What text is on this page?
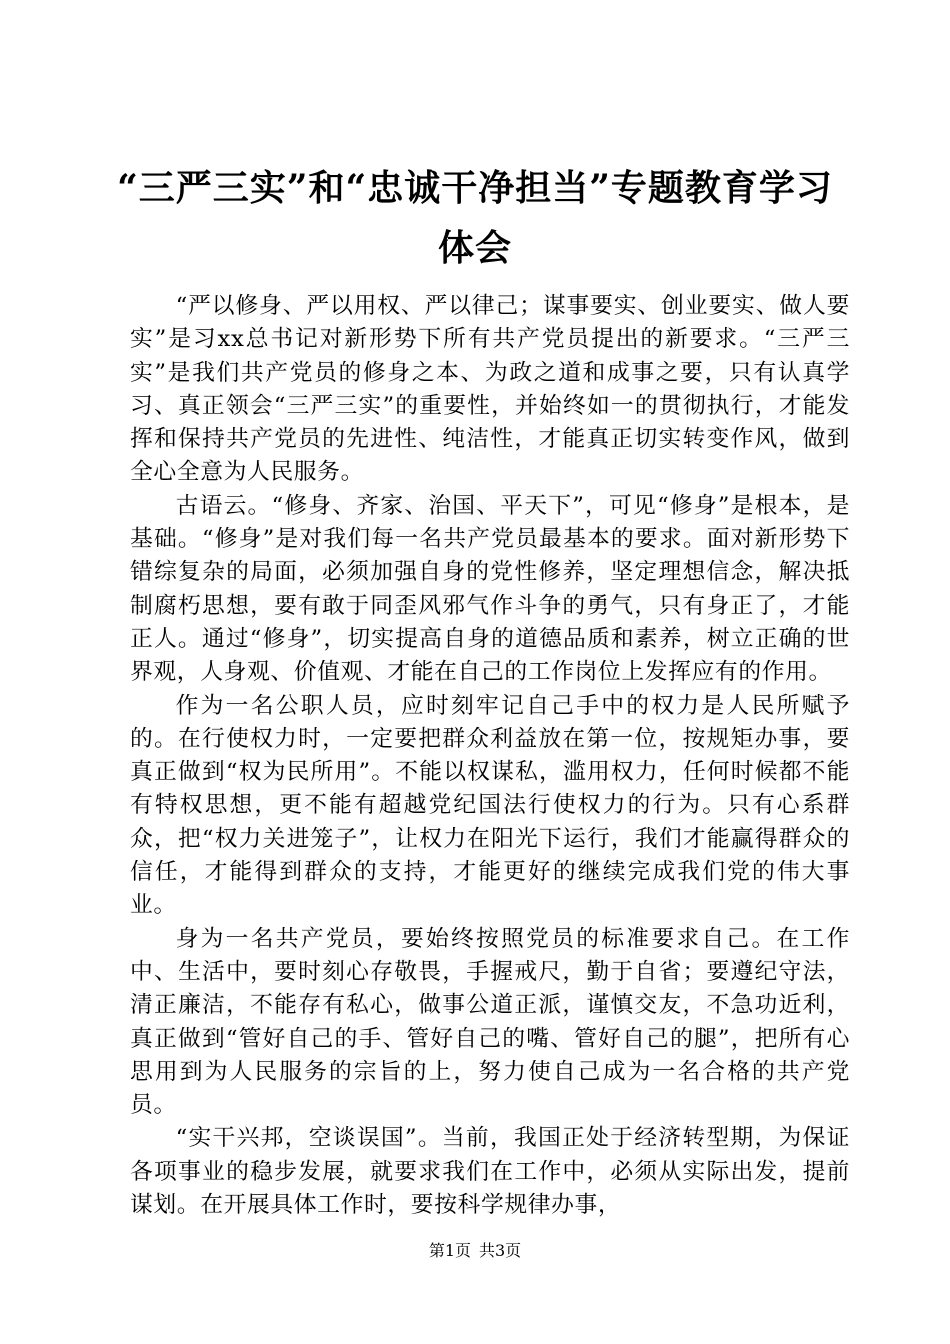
“三严三实”和“忠诚干净担当”专题教育学习体会

“严以修身、严以用权、严以律己；谋事要实、创业要实、做人要实”是习xx总书记对新形势下所有共产党员提出的新要求。“三严三实”是我们共产党员的修身之本、为政之道和成事之要，只有认真学习、真正领会“三严三实”的重要性，并始终如一的贯彻执行，才能发挥和保持共产党员的先进性、纯洁性，才能真正切实转变作风，做到全心全意为人民服务。

古语云。“修身、齐家、治国、平天下”，可见“修身”是根本，是基础。“修身”是对我们每一名共产党员最基本的要求。面对新形势下错综复杂的局面，必须加强自身的党性修养，坚定理想信念，解决抵制腐朽思想，要有敢于同歪风邪气作斗争的勇气，只有身正了，才能正人。通过“修身”，切实提高自身的道德品质和素养，树立正确的世界观，人身观、价值观、才能在自己的工作岗位上发挥应有的作用。

作为一名公职人员，应时刻牢记自己手中的权力是人民所赋予的。在行使权力时，一定要把群众利益放在第一位，按规矩办事，要真正做到“权为民所用”。不能以权谋私，滥用权力，任何时候都不能有特权思想，更不能有超越党纪国法行使权力的行为。只有心系群众，把“权力关进笼子”，让权力在阳光下运行，我们才能赢得群众的信任，才能得到群众的支持，才能更好的继续完成我们党的伟大事业。

身为一名共产党员，要始终按照党员的标准要求自己。在工作中、生活中，要时刻心存敬畏，手握戒尺，勤于自省；要遵纪守法，清正廉洁，不能存有私心，做事公道正派，谨慎交友，不急功近利，真正做到“管好自己的手、管好自己的嘴、管好自己的腿”，把所有心思用到为人民服务的宗旨的上，努力使自己成为一名合格的共产党员。

“实干兴邦，空谈误国”。当前，我国正处于经济转型期，为保证各项事业的稳步发展，就要求我们在工作中，必须从实际出发，提前谋划。在开展具体工作时，要按科学规律办事，

第1页 共3页
